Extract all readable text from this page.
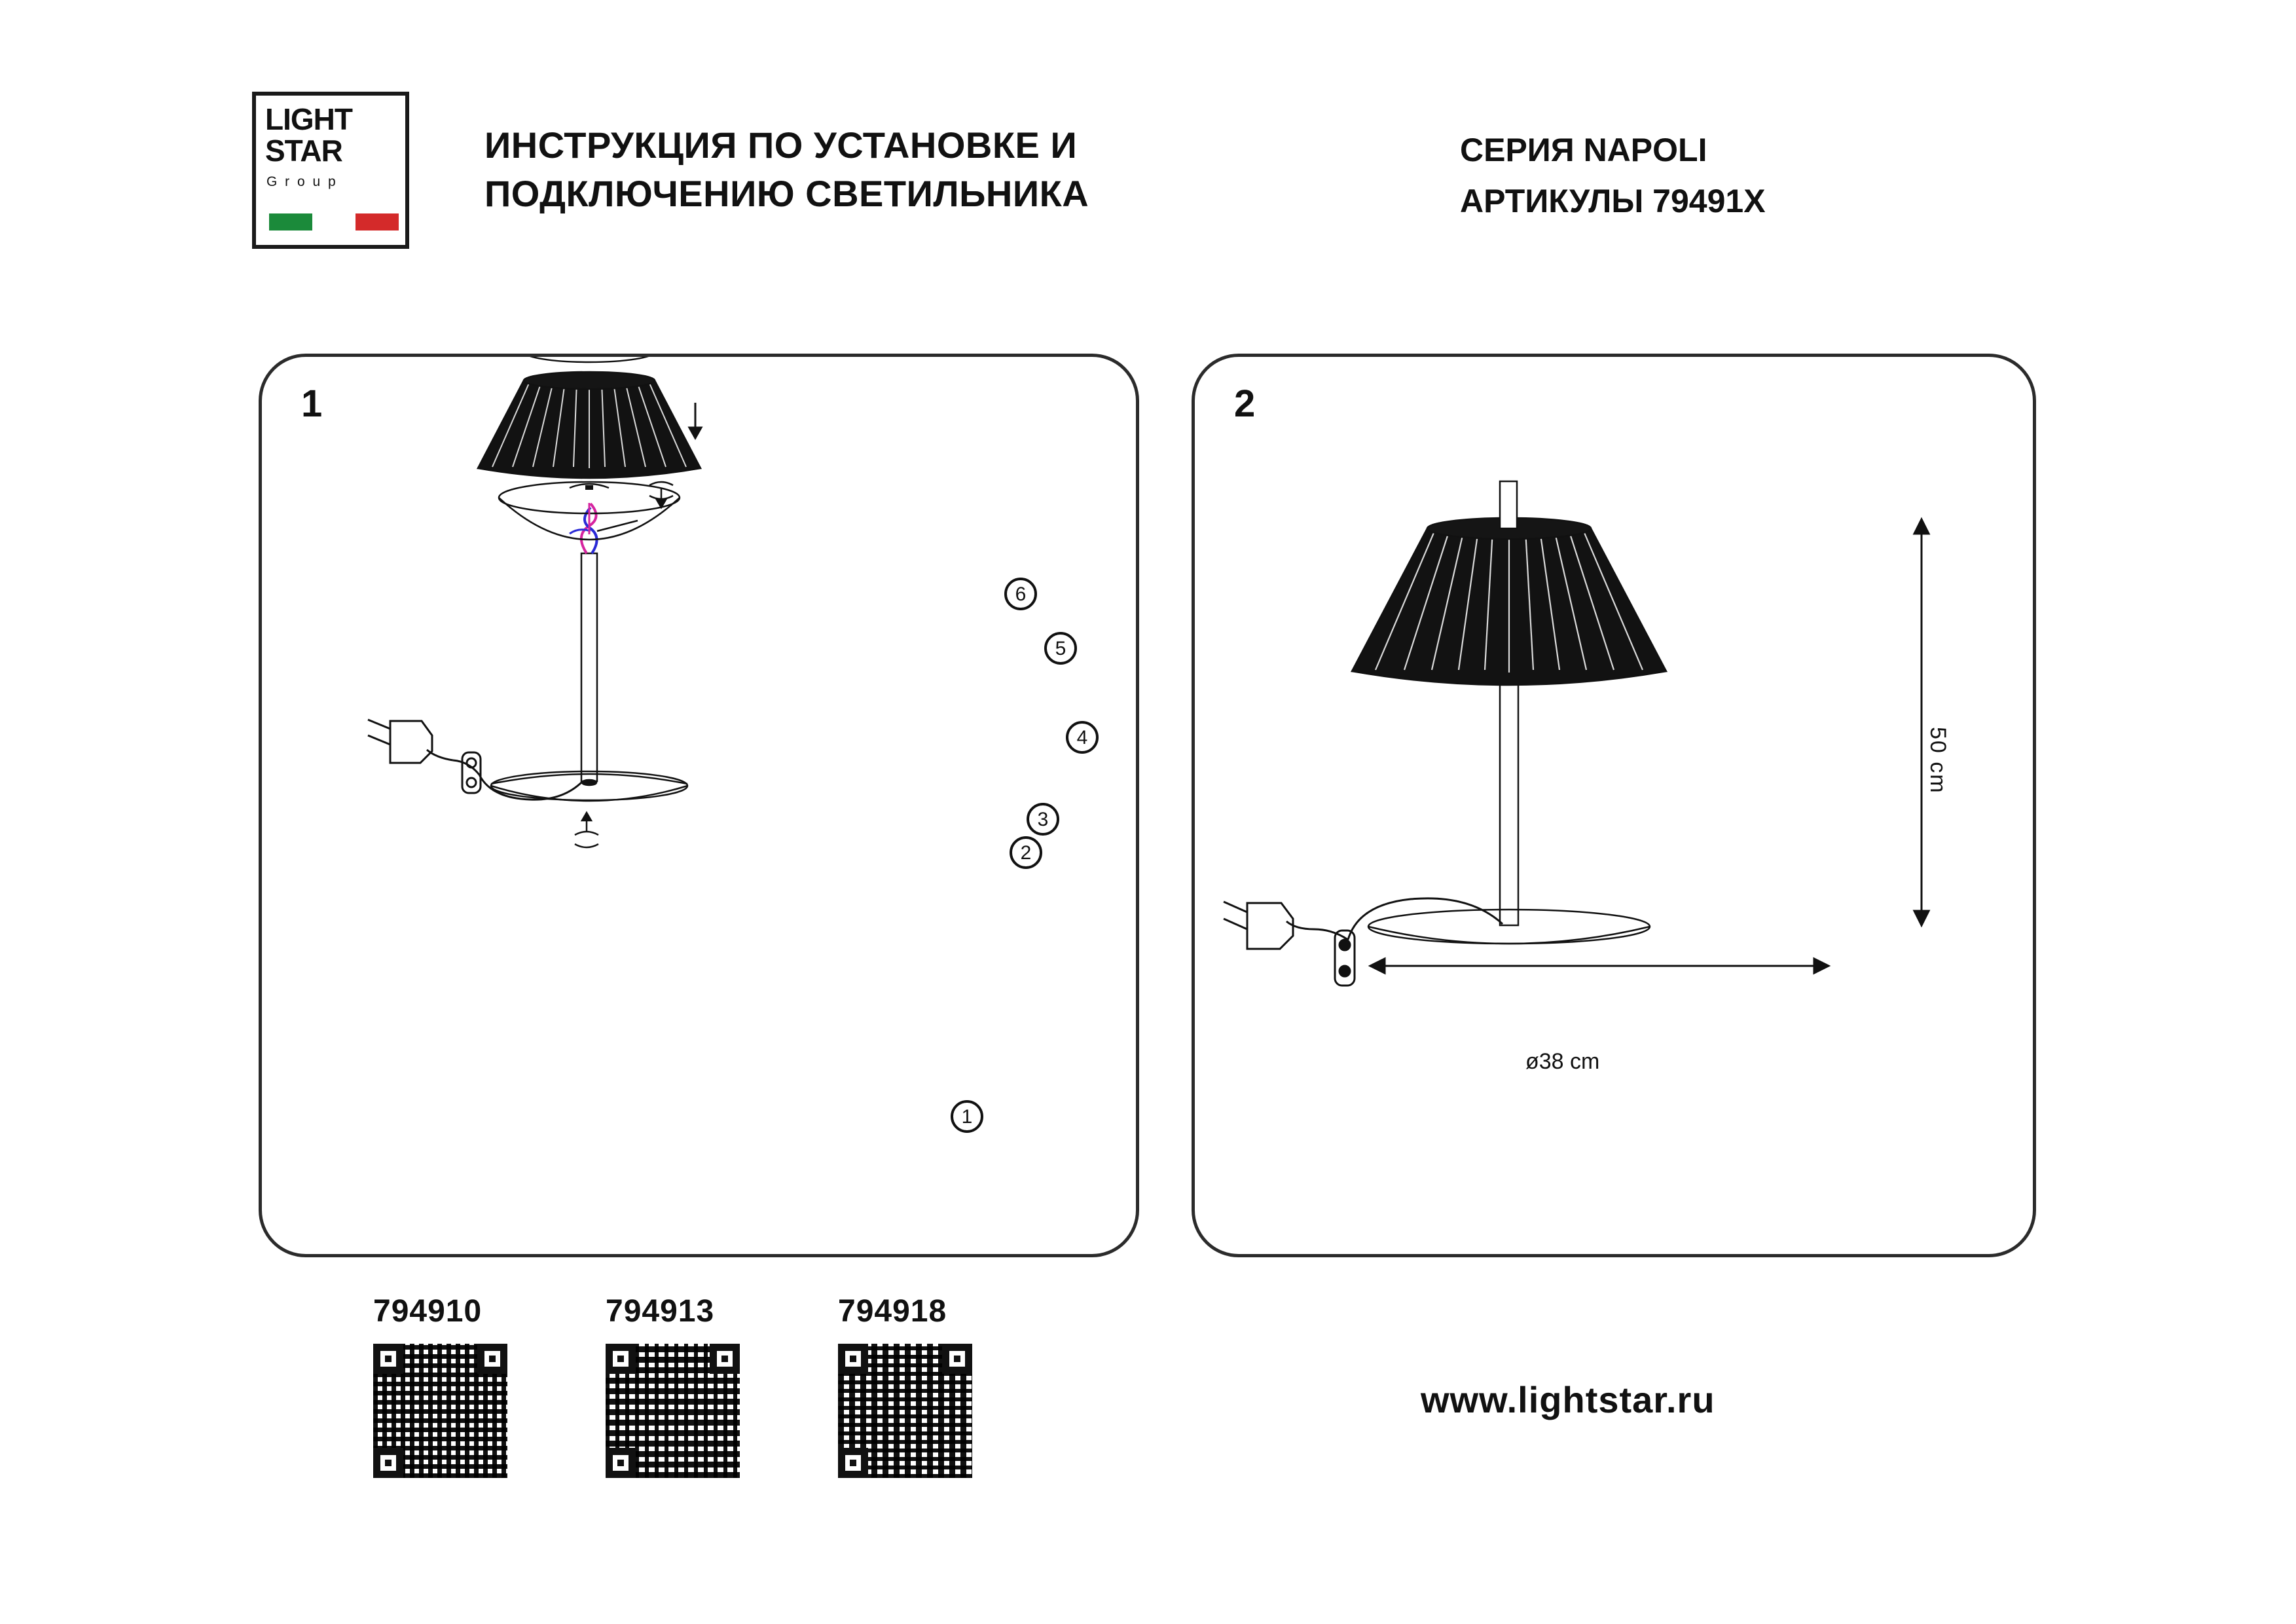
LIGHT
STAR
G r o u p
ИНСТРУКЦИЯ ПО УСТАНОВКЕ И
ПОДКЛЮЧЕНИЮ СВЕТИЛЬНИКА
СЕРИЯ NAPOLI
АРТИКУЛЫ 79491X
1
6
5
4
3
2
1
2
50 cm
ø38 cm
794910	794913	794918
www.lightstar.ru
